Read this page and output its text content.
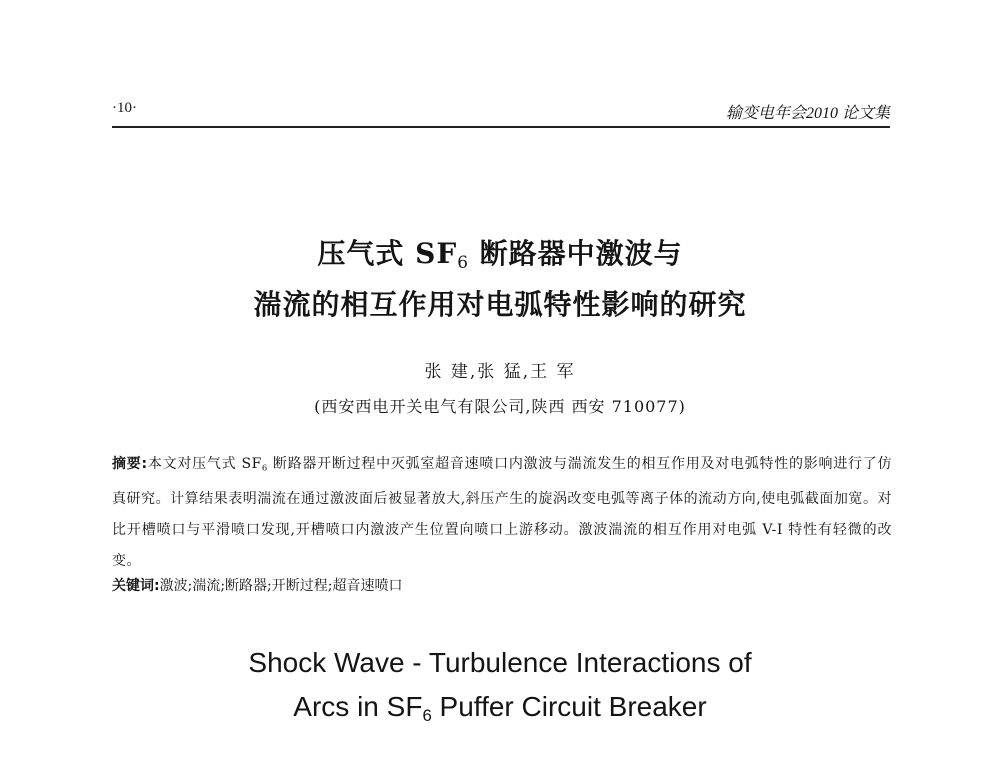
·10·	输变电年会2010 论文集
压气式 $SF_6$ 断路器中激波与
湍流的相互作用对电弧特性影响的研究
张 建,张 猛,王 军
(西安西电开关电气有限公司,陕西 西安 710077)
摘要:本文对压气式 $SF_6$ 断路器开断过程中灭弧室超音速喷口内激波与湍流发生的相互作用及对电弧特性的影响进行了仿真研究。计算结果表明湍流在通过激波面后被显著放大,斜压产生的旋涡改变电弧等离子体的流动方向,使电弧截面加宽。对比开槽喷口与平滑喷口发现,开槽喷口内激波产生位置向喷口上游移动。激波湍流的相互作用对电弧 V-I 特性有轻微的改变。
关键词:激波;湍流;断路器;开断过程;超音速喷口
Shock Wave - Turbulence Interactions of
Arcs in $SF_6$ Puffer Circuit Breaker
